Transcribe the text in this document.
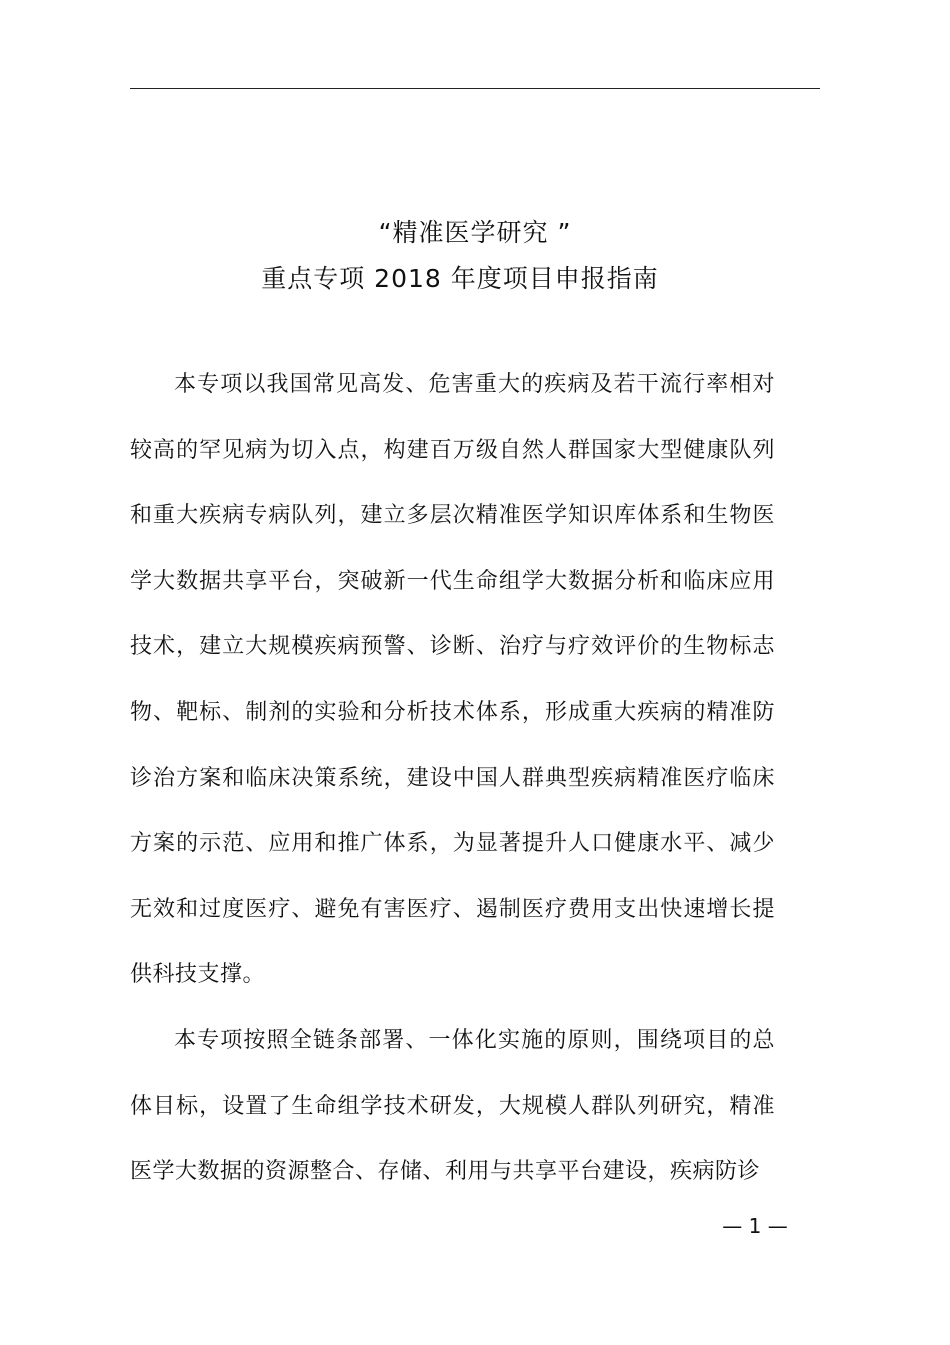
“精准医学研究 ”
重点专项 2018 年度项目申报指南

本专项以我国常见高发、危害重大的疾病及若干流行率相对较高的罕见病为切入点，构建百万级自然人群国家大型健康队列和重大疾病专病队列，建立多层次精准医学知识库体系和生物医学大数据共享平台，突破新一代生命组学大数据分析和临床应用技术，建立大规模疾病预警、诊断、治疗与疗效评价的生物标志物、靶标、制剂的实验和分析技术体系，形成重大疾病的精准防诊治方案和临床决策系统，建设中国人群典型疾病精准医疗临床方案的示范、应用和推广体系，为显著提升人口健康水平、减少无效和过度医疗、避免有害医疗、遏制医疗费用支出快速增长提供科技支撑。

本专项按照全链条部署、一体化实施的原则，围绕项目的总体目标，设置了生命组学技术研发，大规模人群队列研究，精准医学大数据的资源整合、存储、利用与共享平台建设，疾病防诊

— 1 —
